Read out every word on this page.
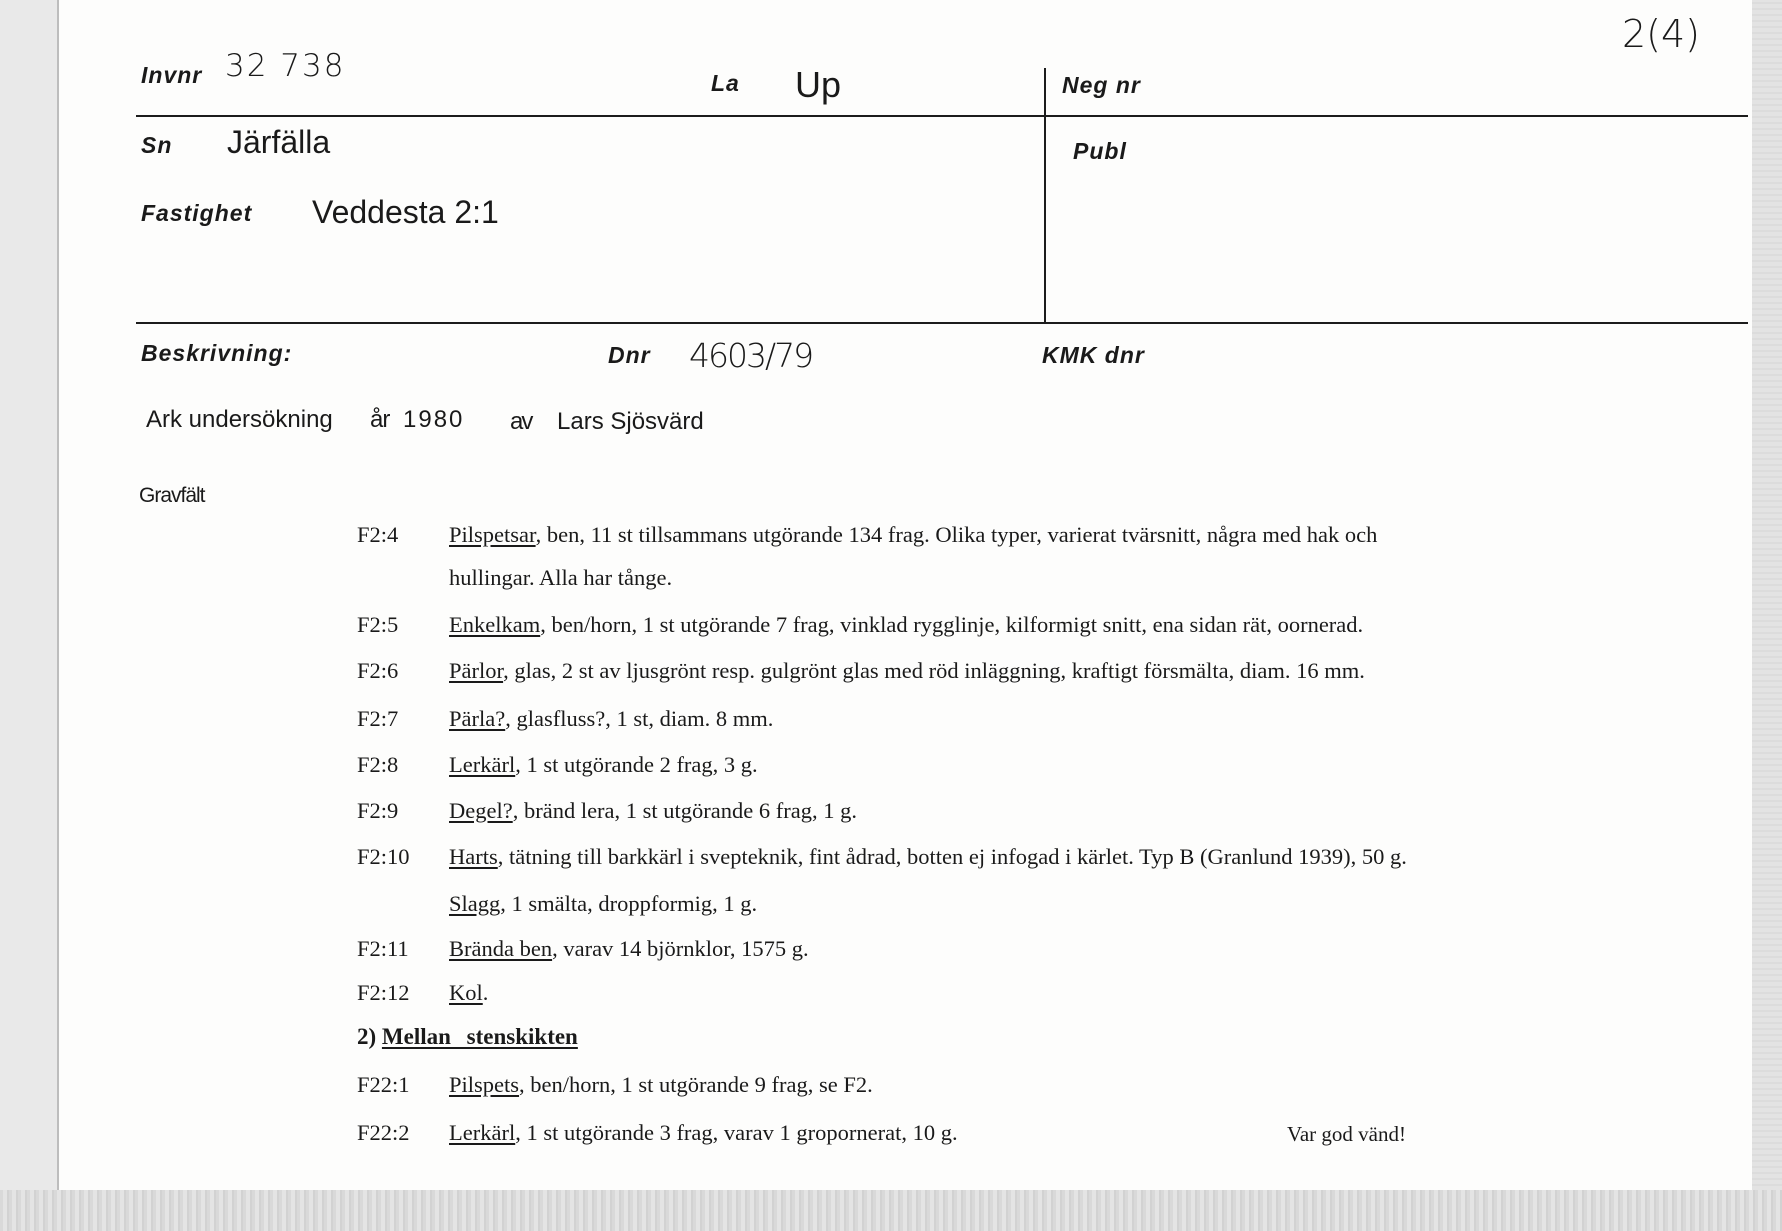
2(4)
Invnr 32 738	La Up	Neg nr
Sn Järfälla	Publ
Fastighet Veddesta 2:1
Beskrivning:	Dnr 4603/79	KMK dnr
Ark undersökning år 1980 av Lars Sjösvärd
Gravfält
F2:4 Pilspetsar, ben, 11 st tillsammans utgörande 134 frag. Olika typer, varierat tvärsnitt, några med hak och
hullingar. Alla har tånge.
F2:5 Enkelkam, ben/horn, 1 st utgörande 7 frag, vinklad rygglinje, kilformigt snitt, ena sidan rät, oornerad.
F2:6 Pärlor, glas, 2 st av ljusgrönt resp. gulgrönt glas med röd inläggning, kraftigt försmälta, diam. 16 mm.
F2:7 Pärla?, glasfluss?, 1 st, diam. 8 mm.
F2:8 Lerkärl, 1 st utgörande 2 frag, 3 g.
F2:9 Degel?, bränd lera, 1 st utgörande 6 frag, 1 g.
F2:10 Harts, tätning till barkkärl i svepteknik, fint ådrad, botten ej infogad i kärlet. Typ B (Granlund 1939), 50 g.
Slagg, 1 smälta, droppformig, 1 g.
F2:11 Brända ben, varav 14 björnklor, 1575 g.
F2:12 Kol.
2) Mellan stenskikten
F22:1 Pilspets, ben/horn, 1 st utgörande 9 frag, se F2.
F22:2 Lerkärl, 1 st utgörande 3 frag, varav 1 gropornerat, 10 g.	Var god vänd!
